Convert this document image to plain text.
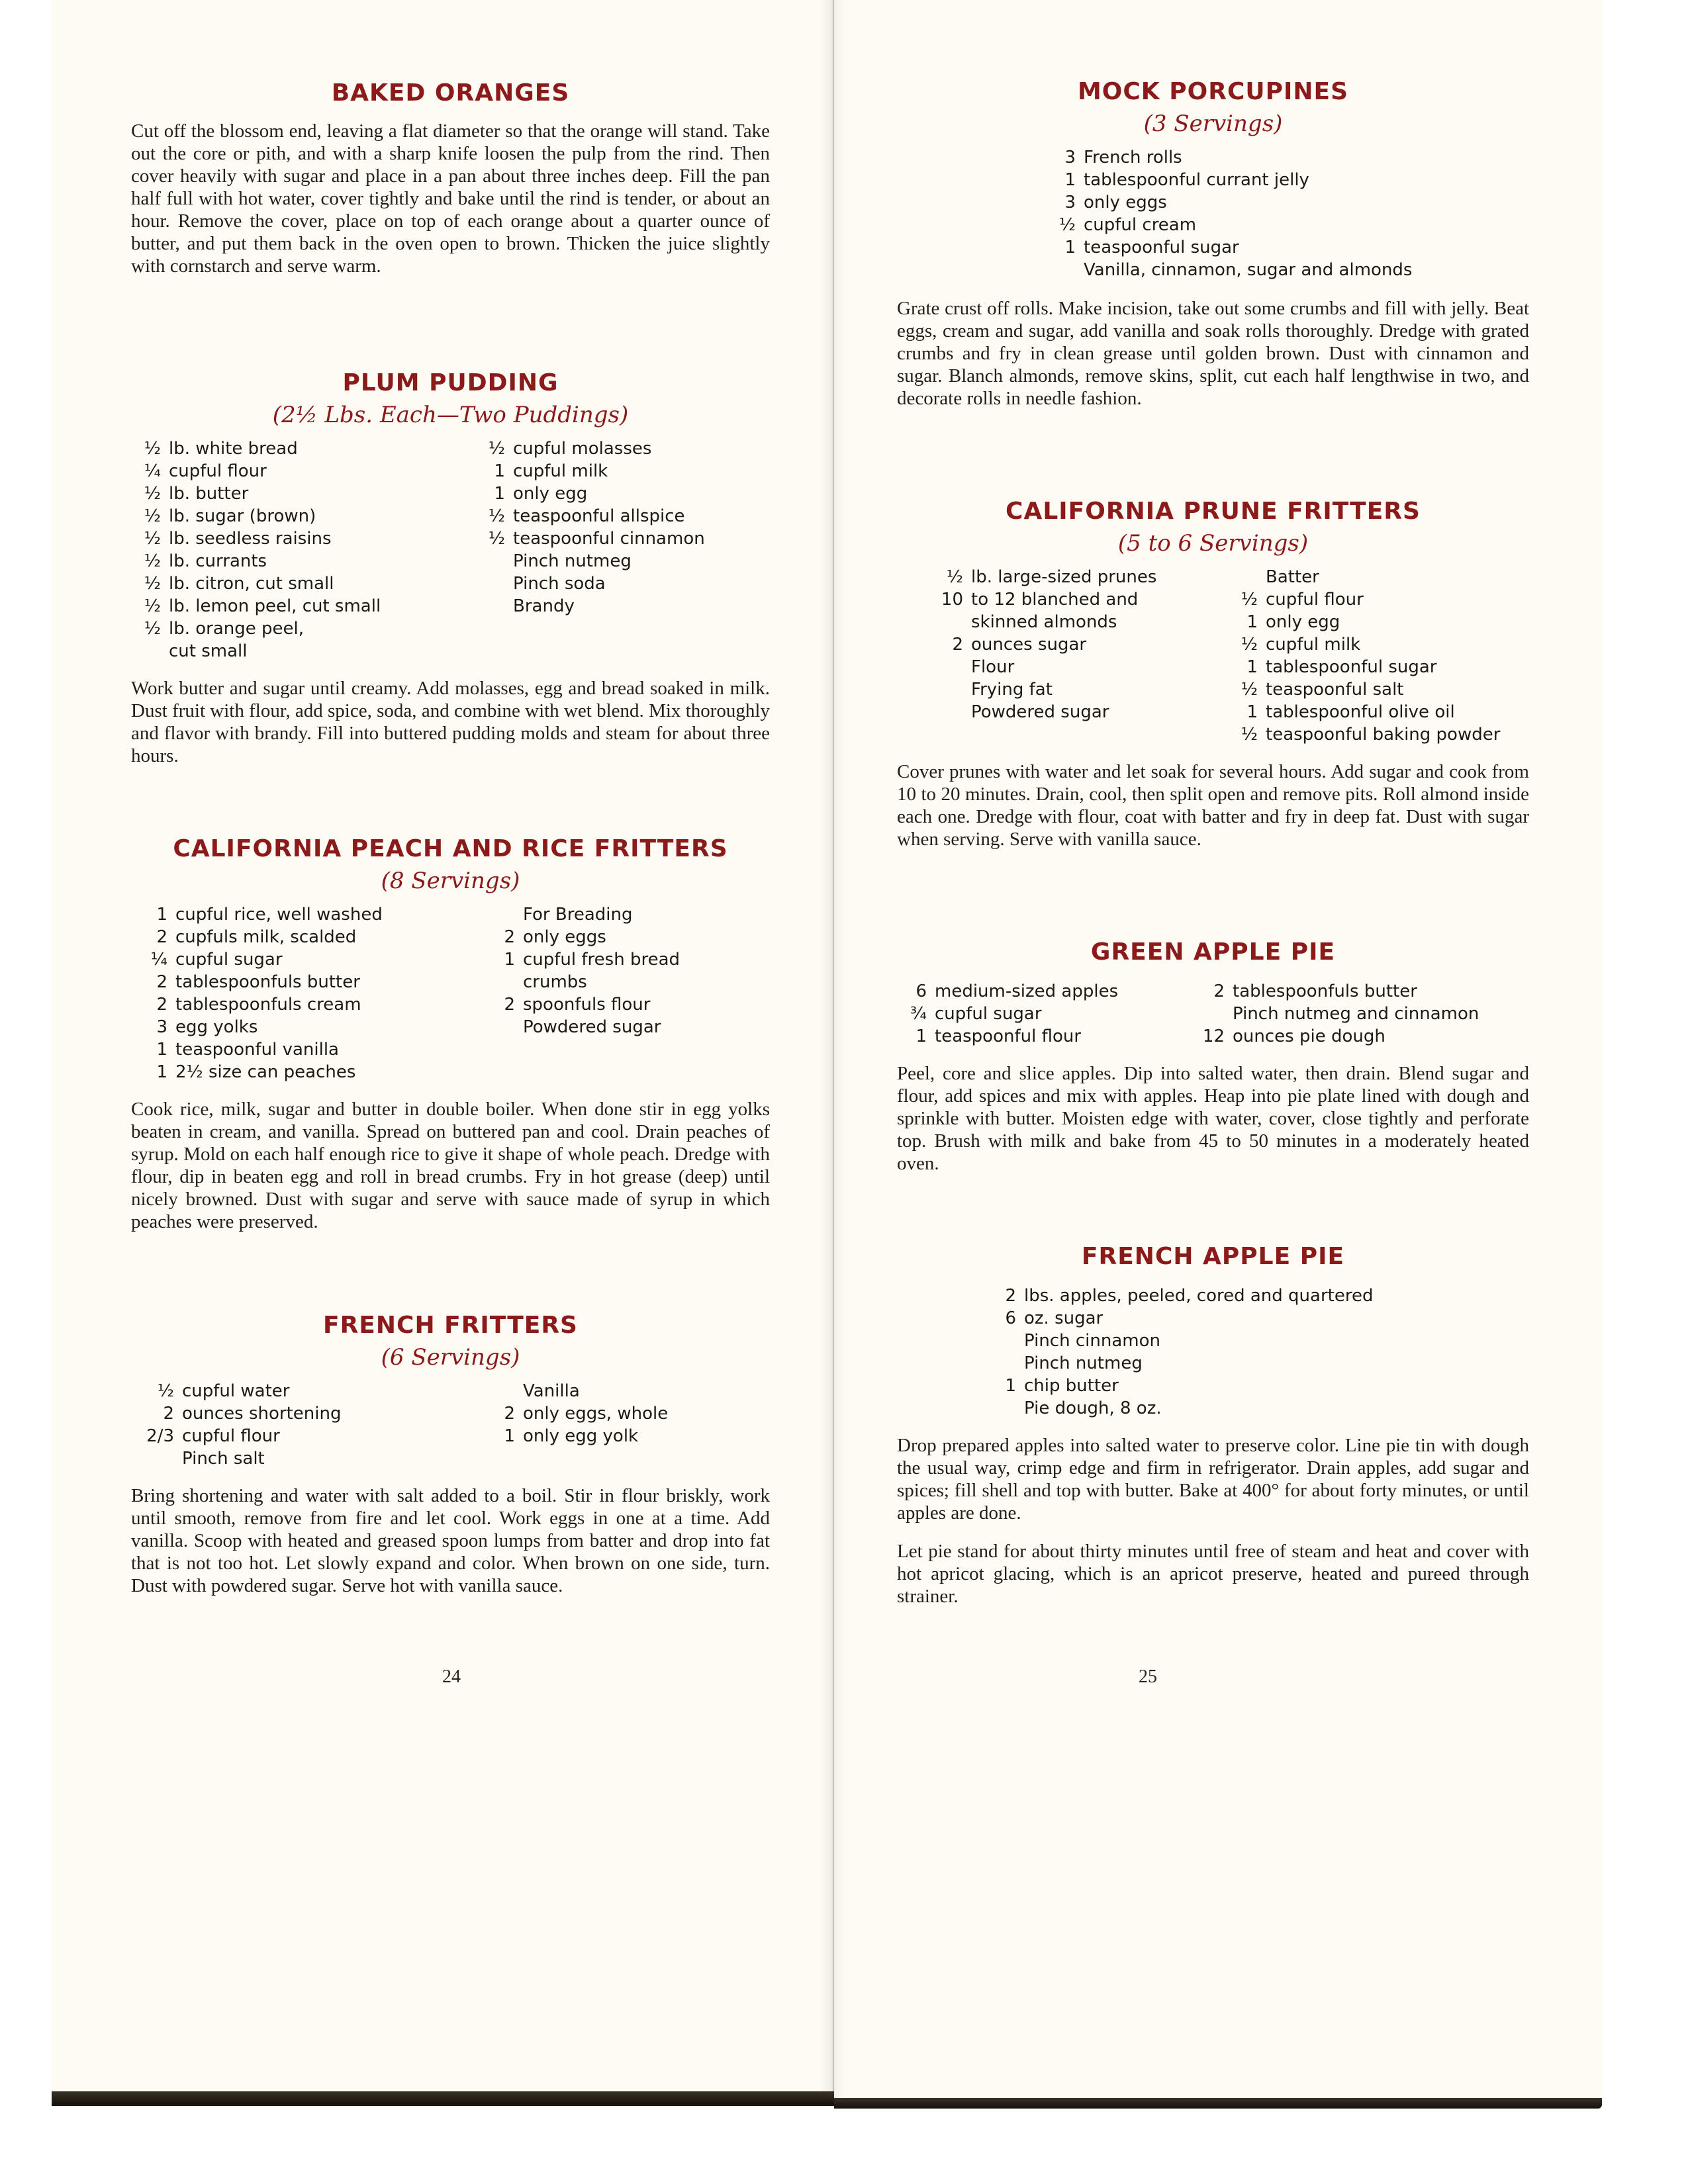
BAKED ORANGES

Cut off the blossom end, leaving a flat diameter so that the orange will stand. Take out the core or pith, and with a sharp knife loosen the pulp from the rind. Then cover heavily with sugar and place in a pan about three inches deep. Fill the pan half full with hot water, cover tightly and bake until the rind is tender, or about an hour. Remove the cover, place on top of each orange about a quarter ounce of butter, and put them back in the oven open to brown. Thicken the juice slightly with cornstarch and serve warm.

PLUM PUDDING
(2½ Lbs. Each—Two Puddings)
½ lb. white bread
¼ cupful flour
½ lb. butter
½ lb. sugar (brown)
½ lb. seedless raisins
½ lb. currants
½ lb. citron, cut small
½ lb. lemon peel, cut small
½ lb. orange peel,
cut small
½ cupful molasses
1 cupful milk
1 only egg
½ teaspoonful allspice
½ teaspoonful cinnamon
Pinch nutmeg
Pinch soda
Brandy

Work butter and sugar until creamy. Add molasses, egg and bread soaked in milk. Dust fruit with flour, add spice, soda, and combine with wet blend. Mix thoroughly and flavor with brandy. Fill into buttered pudding molds and steam for about three hours.

CALIFORNIA PEACH AND RICE FRITTERS
(8 Servings)
1 cupful rice, well washed
2 cupfuls milk, scalded
¼ cupful sugar
2 tablespoonfuls butter
2 tablespoonfuls cream
3 egg yolks
1 teaspoonful vanilla
1 2½ size can peaches
For Breading
2 only eggs
1 cupful fresh bread
crumbs
2 spoonfuls flour
Powdered sugar

Cook rice, milk, sugar and butter in double boiler. When done stir in egg yolks beaten in cream, and vanilla. Spread on buttered pan and cool. Drain peaches of syrup. Mold on each half enough rice to give it shape of whole peach. Dredge with flour, dip in beaten egg and roll in bread crumbs. Fry in hot grease (deep) until nicely browned. Dust with sugar and serve with sauce made of syrup in which peaches were preserved.

FRENCH FRITTERS
(6 Servings)
½ cupful water
2 ounces shortening
2/3 cupful flour
Pinch salt
Vanilla
2 only eggs, whole
1 only egg yolk

Bring shortening and water with salt added to a boil. Stir in flour briskly, work until smooth, remove from fire and let cool. Work eggs in one at a time. Add vanilla. Scoop with heated and greased spoon lumps from batter and drop into fat that is not too hot. Let slowly expand and color. When brown on one side, turn. Dust with powdered sugar. Serve hot with vanilla sauce.

24
MOCK PORCUPINES
(3 Servings)
3 French rolls
1 tablespoonful currant jelly
3 only eggs
½ cupful cream
1 teaspoonful sugar
Vanilla, cinnamon, sugar and almonds

Grate crust off rolls. Make incision, take out some crumbs and fill with jelly. Beat eggs, cream and sugar, add vanilla and soak rolls thoroughly. Dredge with grated crumbs and fry in clean grease until golden brown. Dust with cinnamon and sugar. Blanch almonds, remove skins, split, cut each half lengthwise in two, and decorate rolls in needle fashion.

CALIFORNIA PRUNE FRITTERS
(5 to 6 Servings)
½ lb. large-sized prunes
10 to 12 blanched and
skinned almonds
2 ounces sugar
Flour
Frying fat
Powdered sugar
Batter
½ cupful flour
1 only egg
½ cupful milk
1 tablespoonful sugar
½ teaspoonful salt
1 tablespoonful olive oil
½ teaspoonful baking powder

Cover prunes with water and let soak for several hours. Add sugar and cook from 10 to 20 minutes. Drain, cool, then split open and remove pits. Roll almond inside each one. Dredge with flour, coat with batter and fry in deep fat. Dust with sugar when serving. Serve with vanilla sauce.

GREEN APPLE PIE
6 medium-sized apples
¾ cupful sugar
1 teaspoonful flour
2 tablespoonfuls butter
Pinch nutmeg and cinnamon
12 ounces pie dough

Peel, core and slice apples. Dip into salted water, then drain. Blend sugar and flour, add spices and mix with apples. Heap into pie plate lined with dough and sprinkle with butter. Moisten edge with water, cover, close tightly and perforate top. Brush with milk and bake from 45 to 50 minutes in a moderately heated oven.

FRENCH APPLE PIE
2 lbs. apples, peeled, cored and quartered
6 oz. sugar
Pinch cinnamon
Pinch nutmeg
1 chip butter
Pie dough, 8 oz.

Drop prepared apples into salted water to preserve color. Line pie tin with dough the usual way, crimp edge and firm in refrigerator. Drain apples, add sugar and spices; fill shell and top with butter. Bake at 400° for about forty minutes, or until apples are done.

Let pie stand for about thirty minutes until free of steam and heat and cover with hot apricot glacing, which is an apricot preserve, heated and pureed through strainer.

25
